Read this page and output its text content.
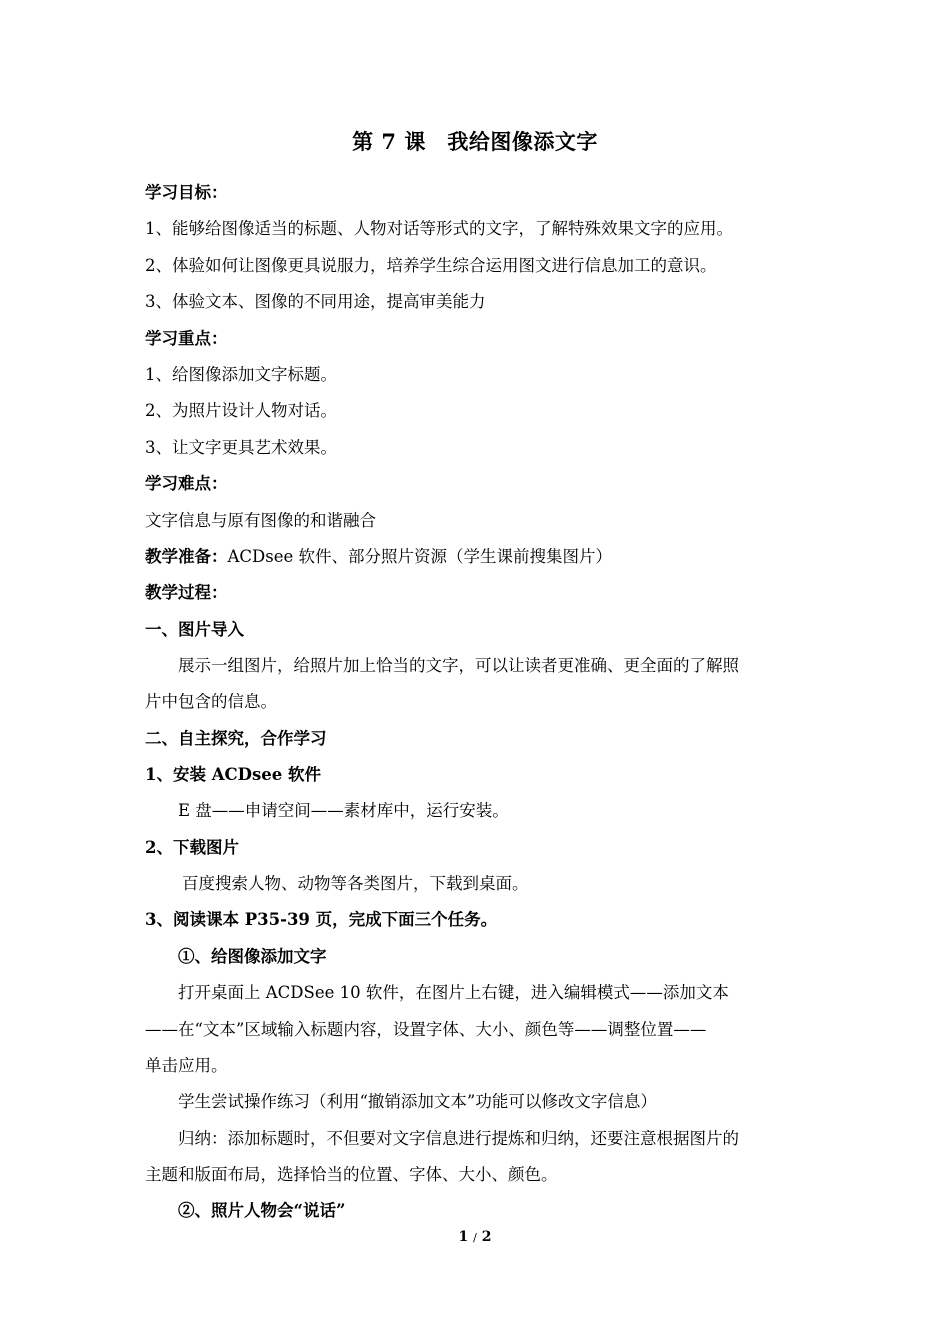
第 7 课　我给图像添文字
学习目标：
1、能够给图像适当的标题、人物对话等形式的文字，了解特殊效果文字的应用。
2、体验如何让图像更具说服力，培养学生综合运用图文进行信息加工的意识。
3、体验文本、图像的不同用途，提高审美能力
学习重点：
1、给图像添加文字标题。
2、为照片设计人物对话。
3、让文字更具艺术效果。
学习难点：
文字信息与原有图像的和谐融合
教学准备：ACDsee 软件、部分照片资源（学生课前搜集图片）
教学过程：
一、图片导入
展示一组图片，给照片加上恰当的文字，可以让读者更准确、更全面的了解照
片中包含的信息。
二、自主探究，合作学习
1、安装 ACDsee 软件
E 盘——申请空间——素材库中，运行安装。
2、下载图片
百度搜索人物、动物等各类图片，下载到桌面。
3、阅读课本 P35-39 页，完成下面三个任务。
①、给图像添加文字
打开桌面上 ACDSee 10 软件，在图片上右键，进入编辑模式——添加文本
——在“文本”区域输入标题内容，设置字体、大小、颜色等——调整位置——
单击应用。
学生尝试操作练习（利用“撤销添加文本”功能可以修改文字信息）
归纳：添加标题时，不但要对文字信息进行提炼和归纳，还要注意根据图片的
主题和版面布局，选择恰当的位置、字体、大小、颜色。
②、照片人物会“说话”
1 / 2
